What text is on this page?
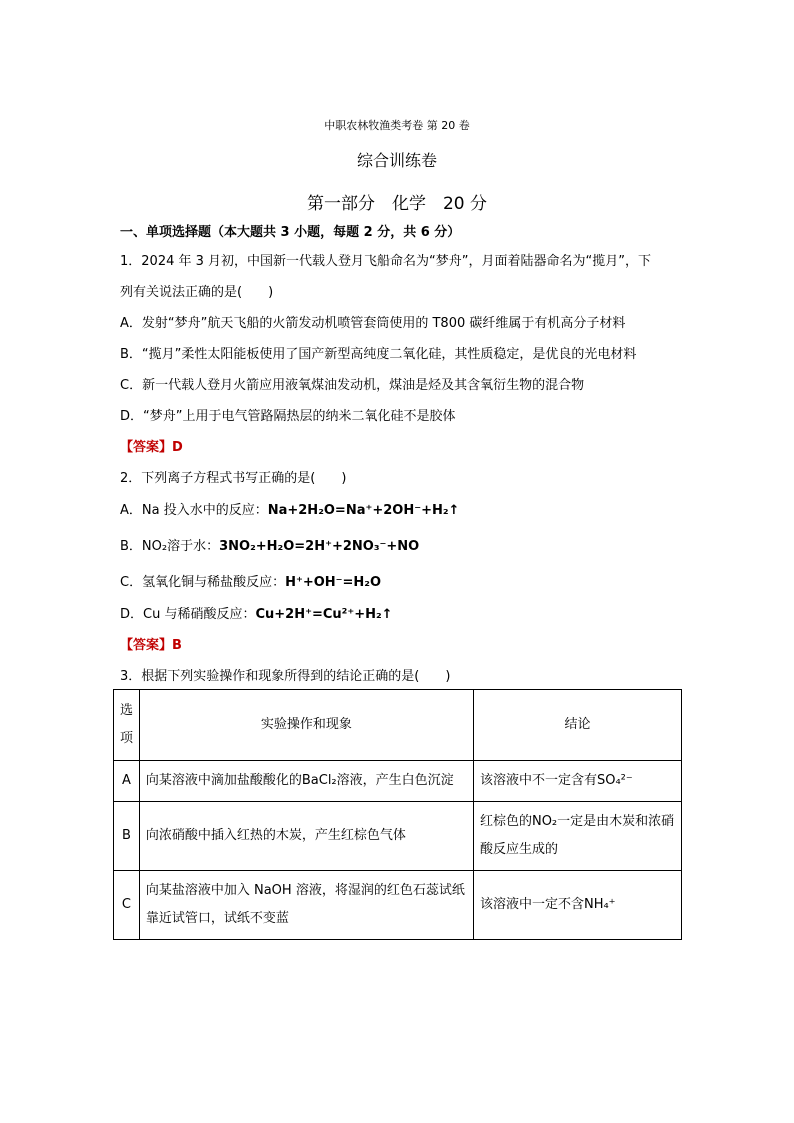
中职农林牧渔类考卷 第 20 卷
综合训练卷
第一部分　化学　20 分
一、单项选择题（本大题共 3 小题，每题 2 分，共 6 分）
1．2024 年 3 月初，中国新一代载人登月飞船命名为“梦舟”，月面着陆器命名为“揽月”，下
列有关说法正确的是(　　)
A．发射“梦舟”航天飞船的火箭发动机喷管套筒使用的 T800 碳纤维属于有机高分子材料
B．“揽月”柔性太阳能板使用了国产新型高纯度二氧化硅，其性质稳定，是优良的光电材料
C．新一代载人登月火箭应用液氧煤油发动机，煤油是烃及其含氧衍生物的混合物
D．“梦舟”上用于电气管路隔热层的纳米二氧化硅不是胶体
【答案】D
2．下列离子方程式书写正确的是(　　)
A．Na 投入水中的反应：Na+2H₂O=Na⁺+2OH⁻+H₂↑
B．NO₂溶于水：3NO₂+H₂O=2H⁺+2NO₃⁻+NO
C．氢氧化铜与稀盐酸反应：H⁺+OH⁻=H₂O
D．Cu 与稀硝酸反应：Cu+2H⁺=Cu²⁺+H₂↑
【答案】B
3．根据下列实验操作和现象所得到的结论正确的是(　　)
选项	实验操作和现象	结论
A	向某溶液中滴加盐酸酸化的BaCl₂溶液，产生白色沉淀	该溶液中不一定含有SO₄²⁻
B	向浓硝酸中插入红热的木炭，产生红棕色气体	红棕色的NO₂一定是由木炭和浓硝酸反应生成的
C	向某盐溶液中加入 NaOH 溶液，将湿润的红色石蕊试纸靠近试管口，试纸不变蓝	该溶液中一定不含NH₄⁺
